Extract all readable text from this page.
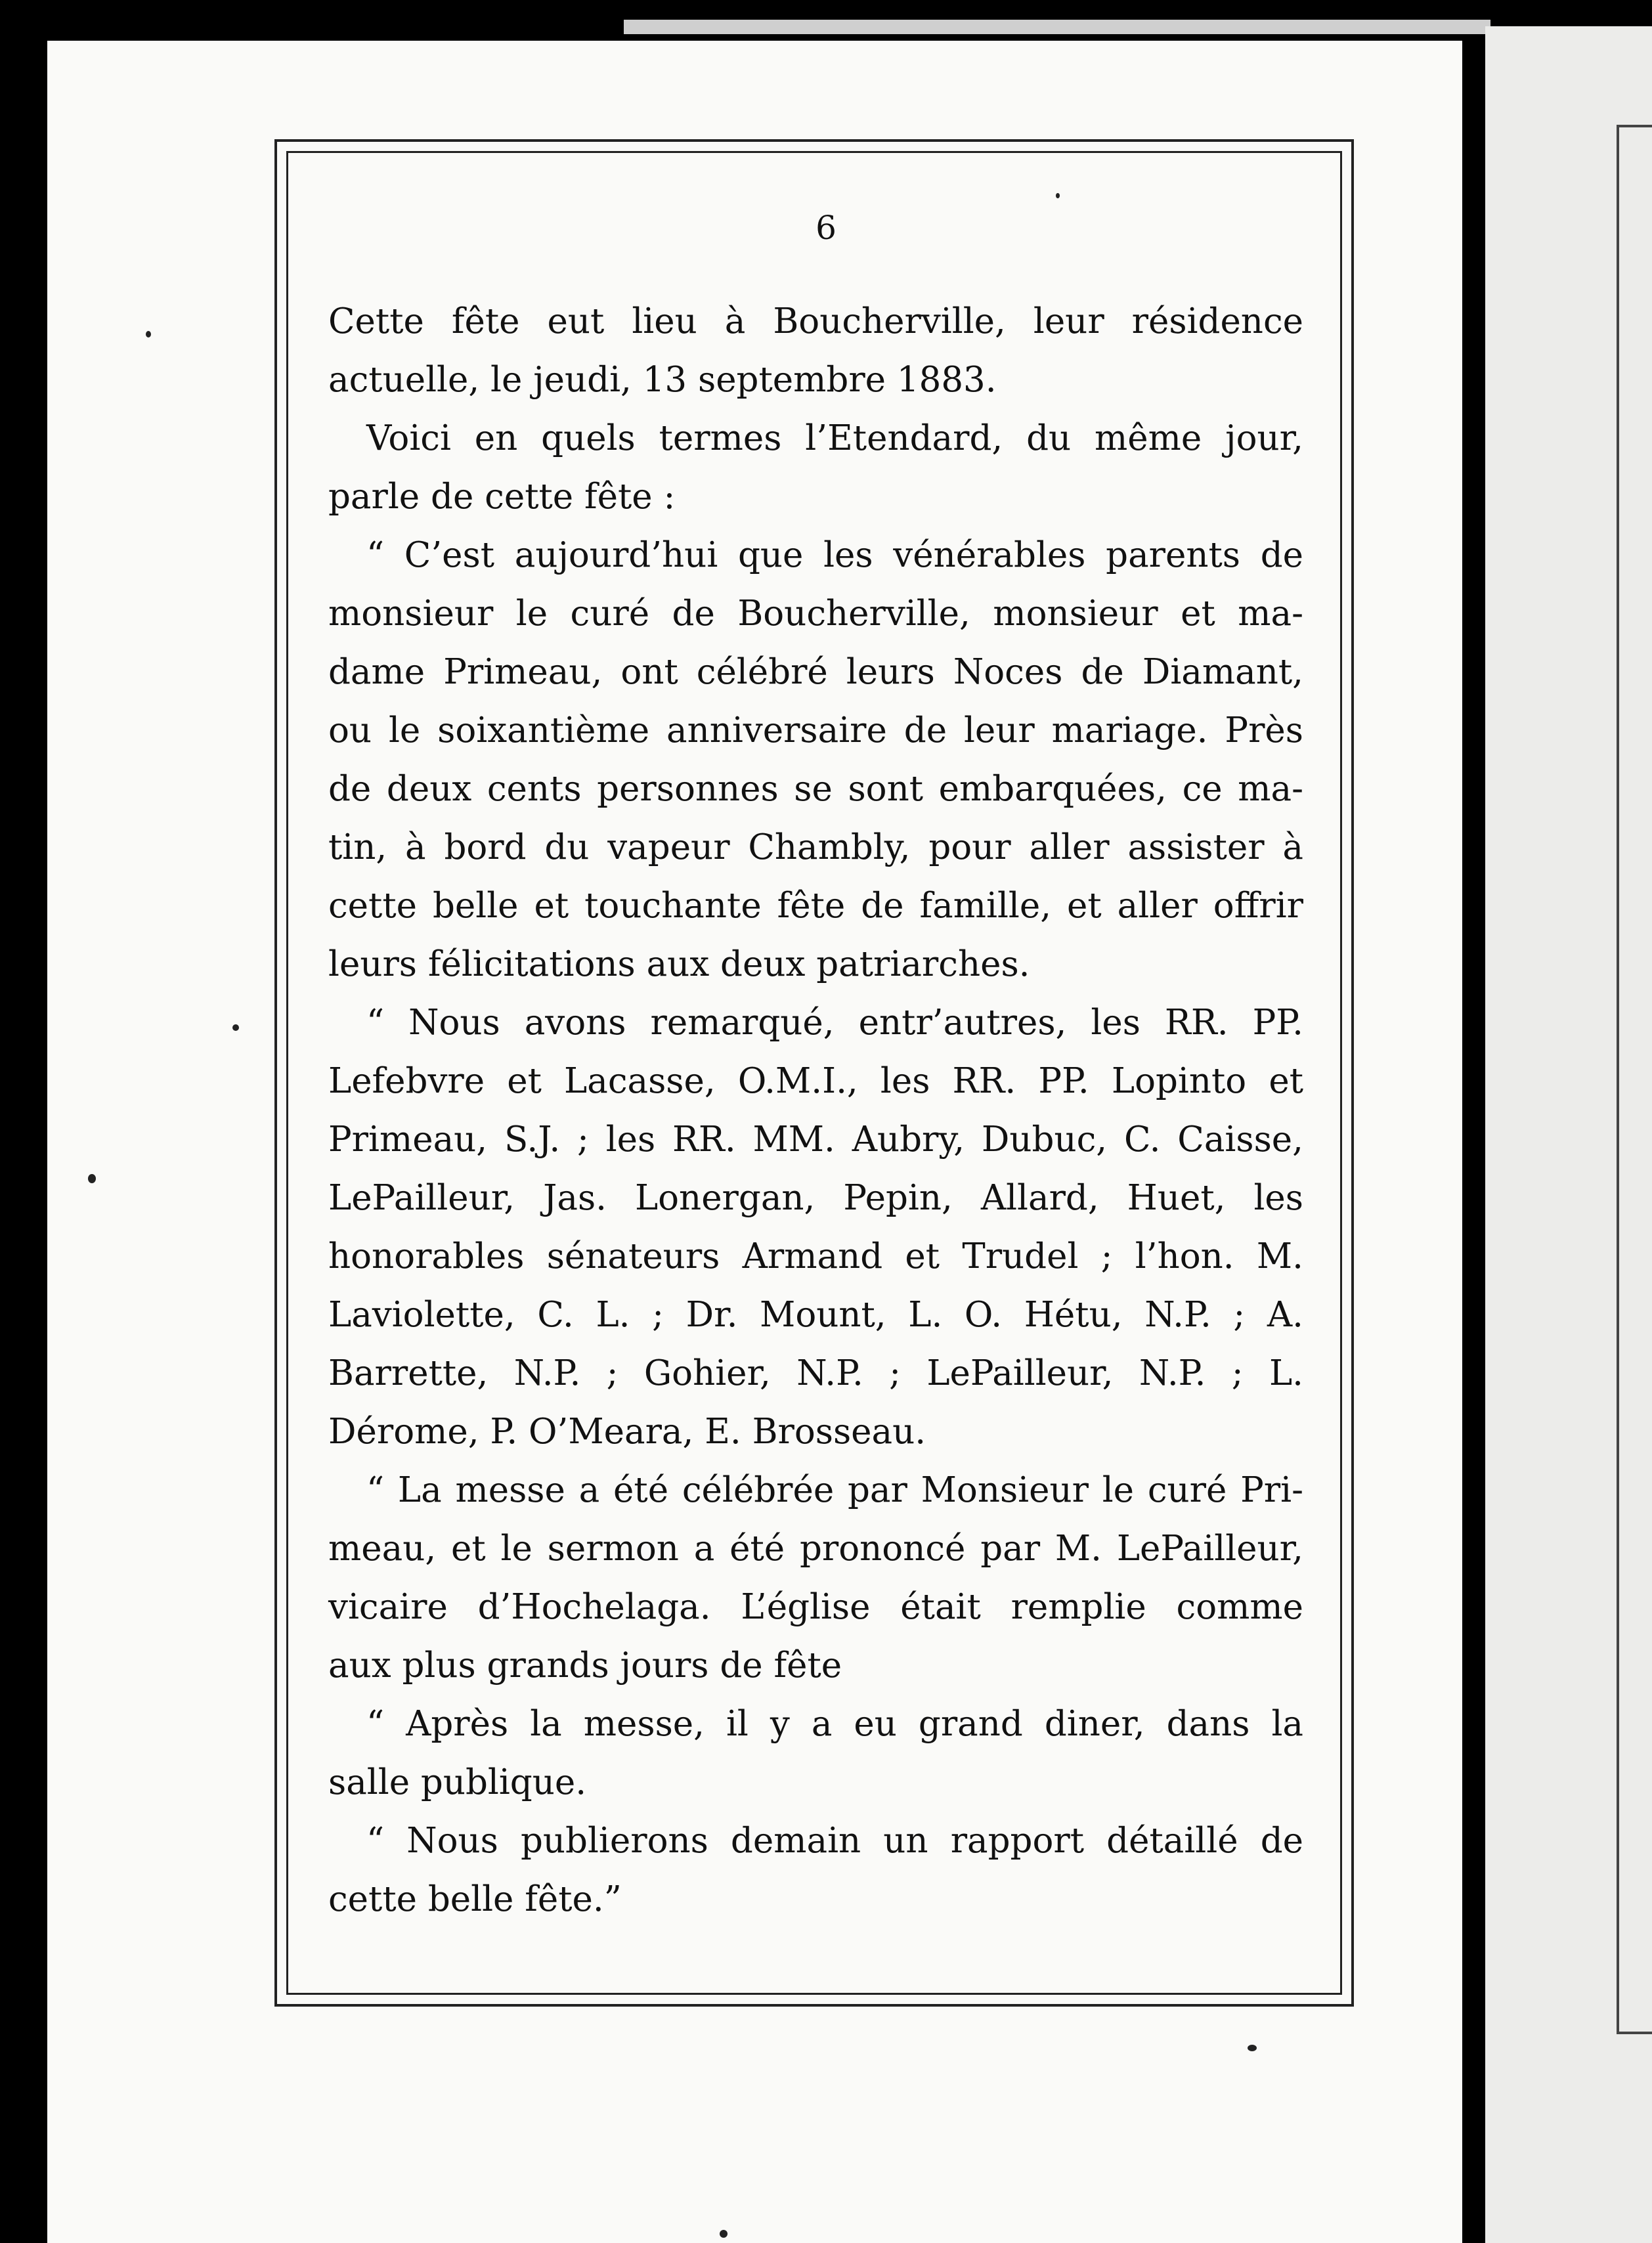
6
Cette fête eut lieu à Boucherville, leur résidence
actuelle, le jeudi, 13 septembre 1883.
Voici en quels termes l’Etendard, du même jour,
parle de cette fête :
“ C’est aujourd’hui que les vénérables parents de
monsieur le curé de Boucherville, monsieur et ma-
dame Primeau, ont célébré leurs Noces de Diamant,
ou le soixantième anniversaire de leur mariage. Près
de deux cents personnes se sont embarquées, ce ma-
tin, à bord du vapeur Chambly, pour aller assister à
cette belle et touchante fête de famille, et aller offrir
leurs félicitations aux deux patriarches.
“ Nous avons remarqué, entr’autres, les RR. PP.
Lefebvre et Lacasse, O.M.I., les RR. PP. Lopinto et
Primeau, S.J. ; les RR. MM. Aubry, Dubuc, C. Caisse,
LePailleur, Jas. Lonergan, Pepin, Allard, Huet, les
honorables sénateurs Armand et Trudel ; l’hon. M.
Laviolette, C. L. ; Dr. Mount, L. O. Hétu, N.P. ; A.
Barrette, N.P. ; Gohier, N.P. ; LePailleur, N.P. ; L.
Dérome, P. O’Meara, E. Brosseau.
“ La messe a été célébrée par Monsieur le curé Pri-
meau, et le sermon a été prononcé par M. LePailleur,
vicaire d’Hochelaga. L’église était remplie comme
aux plus grands jours de fête
“ Après la messe, il y a eu grand diner, dans la
salle publique.
“ Nous publierons demain un rapport détaillé de
cette belle fête.”
